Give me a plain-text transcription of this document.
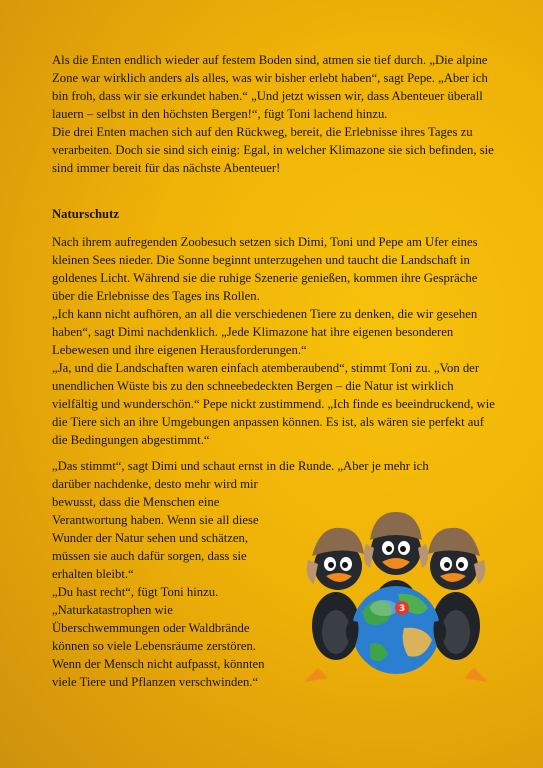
Als die Enten endlich wieder auf festem Boden sind, atmen sie tief durch. „Die alpine Zone war wirklich anders als alles, was wir bisher erlebt haben“, sagt Pepe. „Aber ich bin froh, dass wir sie erkundet haben.“ „Und jetzt wissen wir, dass Abenteuer überall lauern – selbst in den höchsten Bergen!“, fügt Toni lachend hinzu.

Die drei Enten machen sich auf den Rückweg, bereit, die Erlebnisse ihres Tages zu verarbeiten. Doch sie sind sich einig: Egal, in welcher Klimazone sie sich befinden, sie sind immer bereit für das nächste Abenteuer!

Naturschutz

Nach ihrem aufregenden Zoobesuch setzen sich Dimi, Toni und Pepe am Ufer eines kleinen Sees nieder. Die Sonne beginnt unterzugehen und taucht die Landschaft in goldenes Licht. Während sie die ruhige Szenerie genießen, kommen ihre Gespräche über die Erlebnisse des Tages ins Rollen.

„Ich kann nicht aufhören, an all die verschiedenen Tiere zu denken, die wir gesehen haben“, sagt Dimi nachdenklich. „Jede Klimazone hat ihre eigenen besonderen Lebewesen und ihre eigenen Herausforderungen.“

„Ja, und die Landschaften waren einfach atemberaubend“, stimmt Toni zu. „Von der unendlichen Wüste bis zu den schneebedeckten Bergen – die Natur ist wirklich vielfältig und wunderschön.“ Pepe nickt zustimmend. „Ich finde es beeindruckend, wie die Tiere sich an ihre Umgebungen anpassen können. Es ist, als wären sie perfekt auf die Bedingungen abgestimmt.“

„Das stimmt“, sagt Dimi und schaut ernst in die Runde. „Aber je mehr ich

darüber nachdenke, desto mehr wird mir bewusst, dass die Menschen eine Verantwortung haben. Wenn sie all diese Wunder der Natur sehen und schätzen, müssen sie auch dafür sorgen, dass sie erhalten bleibt.“

„Du hast recht“, fügt Toni hinzu. „Naturkatastrophen wie Überschwemmungen oder Waldbrände können so viele Lebensräume zerstören. Wenn der Mensch nicht aufpasst, könnten viele Tiere und Pflanzen verschwinden.“

3
